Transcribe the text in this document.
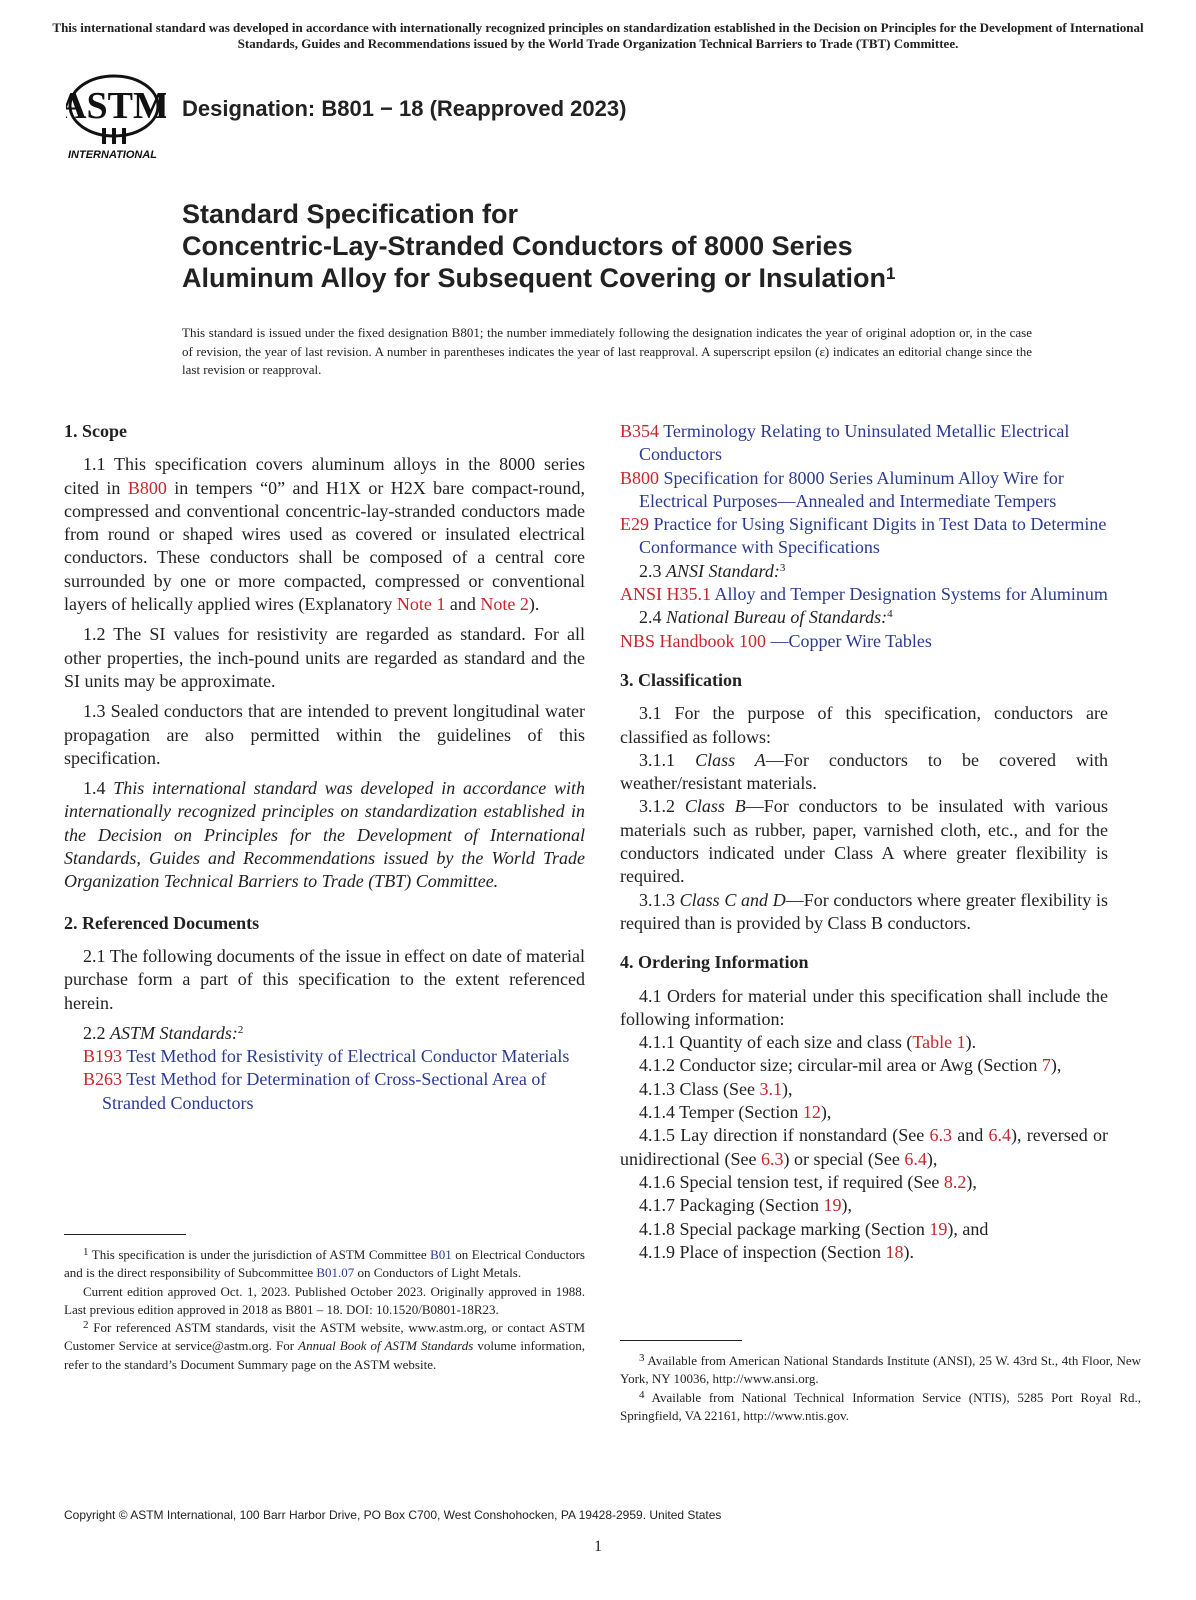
This international standard was developed in accordance with internationally recognized principles on standardization established in the Decision on Principles for the Development of International Standards, Guides and Recommendations issued by the World Trade Organization Technical Barriers to Trade (TBT) Committee.
ASTM
INTERNATIONAL
Designation: B801 − 18 (Reapproved 2023)
Standard Specification for
Concentric-Lay-Stranded Conductors of 8000 Series
Aluminum Alloy for Subsequent Covering or Insulation$^1$
This standard is issued under the fixed designation B801; the number immediately following the designation indicates the year of original adoption or, in the case of revision, the year of last revision. A number in parentheses indicates the year of last reapproval. A superscript epsilon (ε) indicates an editorial change since the last revision or reapproval.
1. Scope

1.1 This specification covers aluminum alloys in the 8000 series cited in B800 in tempers “0” and H1X or H2X bare compact-round, compressed and conventional concentric-lay-stranded conductors made from round or shaped wires used as covered or insulated electrical conductors. These conductors shall be composed of a central core surrounded by one or more compacted, compressed or conventional layers of helically applied wires (Explanatory Note 1 and Note 2).

1.2 The SI values for resistivity are regarded as standard. For all other properties, the inch-pound units are regarded as standard and the SI units may be approximate.

1.3 Sealed conductors that are intended to prevent longitudinal water propagation are also permitted within the guidelines of this specification.

1.4 This international standard was developed in accordance with internationally recognized principles on standardization established in the Decision on Principles for the Development of International Standards, Guides and Recommendations issued by the World Trade Organization Technical Barriers to Trade (TBT) Committee.

2. Referenced Documents

2.1 The following documents of the issue in effect on date of material purchase form a part of this specification to the extent referenced herein.

2.2 ASTM Standards:$^2$

B193 Test Method for Resistivity of Electrical Conductor Materials

B263 Test Method for Determination of Cross-Sectional Area of Stranded Conductors

B354 Terminology Relating to Uninsulated Metallic Electrical Conductors

B800 Specification for 8000 Series Aluminum Alloy Wire for Electrical Purposes—Annealed and Intermediate Tempers

E29 Practice for Using Significant Digits in Test Data to Determine Conformance with Specifications

2.3 ANSI Standard:$^3$

ANSI H35.1 Alloy and Temper Designation Systems for Aluminum

2.4 National Bureau of Standards:$^4$

NBS Handbook 100 —Copper Wire Tables

3. Classification

3.1 For the purpose of this specification, conductors are classified as follows:

3.1.1 Class A—For conductors to be covered with weather/resistant materials.

3.1.2 Class B—For conductors to be insulated with various materials such as rubber, paper, varnished cloth, etc., and for the conductors indicated under Class A where greater flexibility is required.

3.1.3 Class C and D—For conductors where greater flexibility is required than is provided by Class B conductors.

4. Ordering Information

4.1 Orders for material under this specification shall include the following information:

4.1.1 Quantity of each size and class (Table 1).

4.1.2 Conductor size; circular-mil area or Awg (Section 7),

4.1.3 Class (See 3.1),

4.1.4 Temper (Section 12),

4.1.5 Lay direction if nonstandard (See 6.3 and 6.4), reversed or unidirectional (See 6.3) or special (See 6.4),

4.1.6 Special tension test, if required (See 8.2),

4.1.7 Packaging (Section 19),

4.1.8 Special package marking (Section 19), and

4.1.9 Place of inspection (Section 18).

$^1$ This specification is under the jurisdiction of ASTM Committee B01 on Electrical Conductors and is the direct responsibility of Subcommittee B01.07 on Conductors of Light Metals.

Current edition approved Oct. 1, 2023. Published October 2023. Originally approved in 1988. Last previous edition approved in 2018 as B801 – 18. DOI: 10.1520/B0801-18R23.

$^2$ For referenced ASTM standards, visit the ASTM website, www.astm.org, or contact ASTM Customer Service at service@astm.org. For Annual Book of ASTM Standards volume information, refer to the standard’s Document Summary page on the ASTM website.	$^3$ Available from American National Standards Institute (ANSI), 25 W. 43rd St., 4th Floor, New York, NY 10036, http://www.ansi.org.

$^4$ Available from National Technical Information Service (NTIS), 5285 Port Royal Rd., Springfield, VA 22161, http://www.ntis.gov.

Copyright © ASTM International, 100 Barr Harbor Drive, PO Box C700, West Conshohocken, PA 19428-2959. United States
1
